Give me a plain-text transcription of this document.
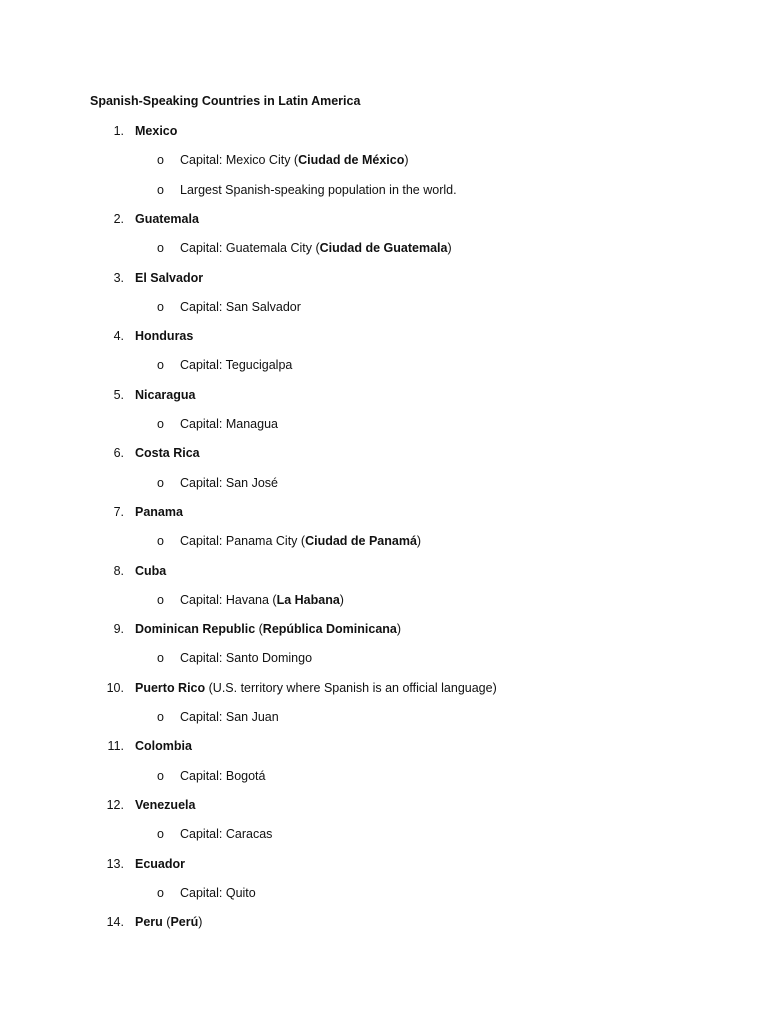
Spanish-Speaking Countries in Latin America
1. Mexico
o Capital: Mexico City (Ciudad de México)
o Largest Spanish-speaking population in the world.
2. Guatemala
o Capital: Guatemala City (Ciudad de Guatemala)
3. El Salvador
o Capital: San Salvador
4. Honduras
o Capital: Tegucigalpa
5. Nicaragua
o Capital: Managua
6. Costa Rica
o Capital: San José
7. Panama
o Capital: Panama City (Ciudad de Panamá)
8. Cuba
o Capital: Havana (La Habana)
9. Dominican Republic (República Dominicana)
o Capital: Santo Domingo
10. Puerto Rico (U.S. territory where Spanish is an official language)
o Capital: San Juan
11. Colombia
o Capital: Bogotá
12. Venezuela
o Capital: Caracas
13. Ecuador
o Capital: Quito
14. Peru (Perú)
